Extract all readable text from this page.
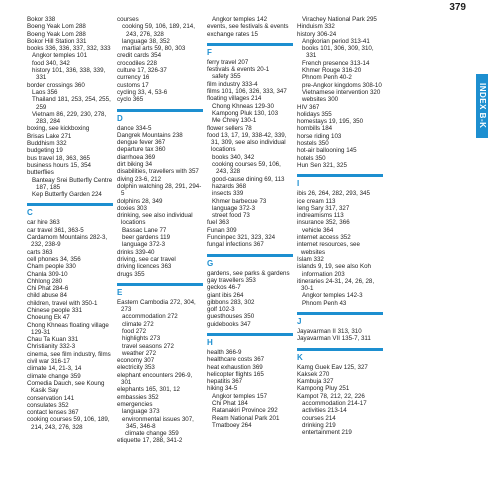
379
INDEX B-K
Bokor 338
Boeng Yeak Lom 288
Boeng Yeak Lom 288
Bokor Hill Station 331
books 336, 336, 337, 332, 333
Angkor temples 101
food 340, 342
history 101, 336, 338, 339, 331
border crossings 360
Laos 356
Thailand 181, 253, 254, 255, 259
Vietnam 86, 229, 230, 278, 283, 284
boxing, see kickboxing
Brisas Lake 271
Buddhism 332
budgeting 19
bus travel 18, 363, 365
business hours 15, 354
butterflies
Banteay Srei Butterfly Centre 187, 185
Kep Butterfly Garden 224
C
car hire 363
car travel 361, 363-5
Cardamom Mountains 282-3, 232, 238-9
carts 363
cell phones 34, 356
Cham people 330
Chanla 309-10
Chhlong 280
Chi Phat 284-6
child abuse 84
children, travel with 350-1
Chinese people 331
Choeung Ek 47
Chong Khneas floating village 129-31
Chau Ta Kuan 331
Christianity 332-3
cinema, see film industry, films
civil war 316-17
climate 14, 21-3, 14
climate change 359
Comedia Dauch, see Koung Kasik Say
conservation 141
consulates 352
contact lenses 367
cooking courses 59, 106, 189, 214, 243, 276, 328
courses
cooking 59, 106, 189, 214, 243, 276, 328
language 38, 352
martial arts 59, 80, 303
credit cards 354
crocodiles 228
culture 17, 326-37
currency 16
customs 17
cycling 33, 4, 53-6
cyclo 365
D
dance 334-5
Dangrek Mountains 238
dengue fever 367
departure tax 360
diarrhoea 369
dirt biking 34
disabilities, travellers with 357
diving 23-6, 212
dolphin watching 28, 291, 294-5
dolphins 28, 349
doxies 303
drinking, see also individual locations
Bassac Lane 77
beer gardens 119
language 372-3
drinks 339-40
driving, see car travel
driving licences 363
drugs 355
E
Eastern Cambodia 272, 304, 273
accommodation 272
climate 272
food 272
highlights 273
travel seasons 272
weather 272
economy 307
electricity 353
elephant encounters 296-9, 301
elephants 165, 301, 12
embassies 352
emergencies
language 373
environmental issues 307, 345, 346-8
climate change 359
etiquette 17, 288, 341-2
Angkor temples 142
events, see festivals & events
exchange rates 15
F
ferry travel 207
festivals & events 20-1
safety 355
film industry 333-4
films 101, 106, 326, 333, 347
floating villages 214
Chong Khneas 129-30
Kampong Pluk 130, 103
Me Chrey 130-1
flower sellers 78
food 13, 17, 19, 338-42, 339, 31, 309, see also individual locations
books 340, 342
cooking courses 59, 106, 243, 328
good-cause dining 69, 113
hazards 368
insects 339
Khmer barbecue 73
language 372-3
street food 73
fuel 363
Funan 309
Funcinpec 321, 323, 324
fungal infections 367
G
gardens, see parks & gardens
gay travellers 353
geckos 46-7
giant ibis 264
gibbons 283, 302
golf 102-3
guesthouses 350
guidebooks 347
H
health 366-9
healthcare costs 367
heat exhaustion 369
helicopter flights 165
hepatitis 367
hiking 34-5
Angkor temples 157
Chi Phat 184
Ratanakiri Province 292
Ream National Park 201
Tmatboey 264
Virachey National Park 295
Hinduism 332
history 306-24
Angkorian period 313-41
books 101, 306, 309, 310, 331
French presence 313-14
Khmer Rouge 316-20
Phnom Penh 40-2
pre-Angkor kingdoms 308-10
Vietnamese intervention 320
websites 300
HIV 367
holidays 355
homestays 19, 195, 350
hornbills 184
horse riding 103
hostels 350
hot-air ballooning 145
hotels 350
Hun Sen 321, 325
I
ibis 26, 264, 282, 293, 345
ice cream 113
Ieng Sary 317, 327
indreamisms 113
insurance 352, 366
vehicle 364
internet access 352
internet resources, see websites
Islam 332
islands 9, 19, see also Koh
information 203
itineraries 24-31, 24, 26, 28, 30-1
Angkor temples 142-3
Phnom Penh 43
J
Jayavarman II 313, 310
Jayavarman VII 135-7, 311
K
Kamg Guek Eav 125, 327
Kaksek 270
Kambuja 327
Kampong Pluy 251
Kampot 78, 212, 22, 226
accommodation 214-17
activities 213-14
courses 214
drinking 219
entertainment 219
